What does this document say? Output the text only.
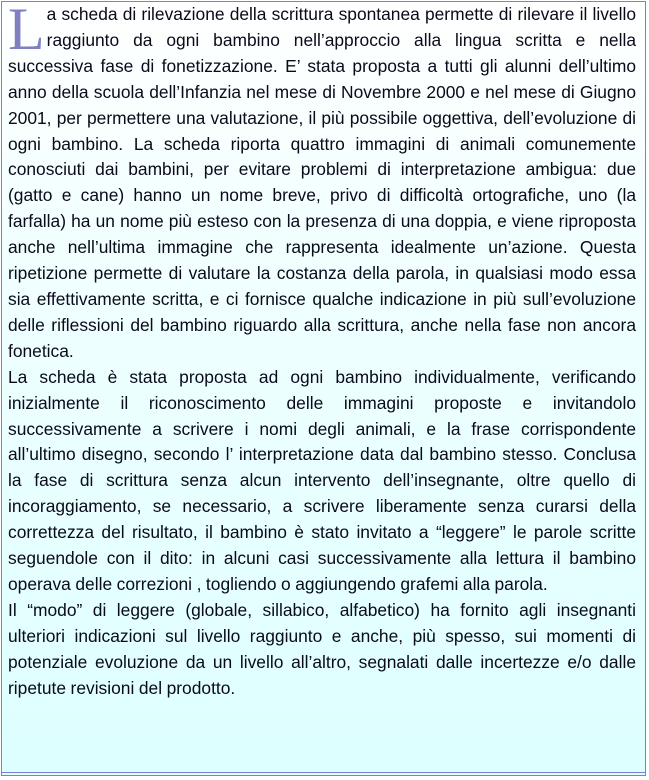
La scheda di rilevazione della scrittura spontanea permette di rilevare il livello raggiunto da ogni bambino nell’approccio alla lingua scritta e nella successiva fase di fonetizzazione. E’ stata proposta a tutti gli alunni dell’ultimo anno della scuola dell’Infanzia nel mese di Novembre 2000 e nel mese di Giugno 2001, per permettere una valutazione, il più possibile oggettiva, dell’evoluzione di ogni bambino. La scheda riporta quattro immagini di animali comunemente conosciuti dai bambini, per evitare problemi di interpretazione ambigua: due (gatto e cane) hanno un nome breve, privo di difficoltà ortografiche, uno (la farfalla) ha un nome più esteso con la presenza di una doppia, e viene riproposta anche nell’ultima immagine che rappresenta idealmente un’azione. Questa ripetizione permette di valutare la costanza della parola, in qualsiasi modo essa sia effettivamente scritta, e ci fornisce qualche indicazione in più sull’evoluzione delle riflessioni del bambino riguardo alla scrittura, anche nella fase non ancora fonetica.

La scheda è stata proposta ad ogni bambino individualmente, verificando inizialmente il riconoscimento delle immagini proposte e invitandolo successivamente a scrivere i nomi degli animali, e la frase corrispondente all’ultimo disegno, secondo l’ interpretazione data dal bambino stesso. Conclusa la fase di scrittura senza alcun intervento dell’insegnante, oltre quello di incoraggiamento, se necessario, a scrivere liberamente senza curarsi della correttezza del risultato, il bambino è stato invitato a “leggere” le parole scritte seguendole con il dito: in alcuni casi successivamente alla lettura il bambino operava delle correzioni , togliendo o aggiungendo grafemi alla parola.

Il “modo” di leggere (globale, sillabico, alfabetico) ha fornito agli insegnanti ulteriori indicazioni sul livello raggiunto e anche, più spesso, sui momenti di potenziale evoluzione da un livello all’altro, segnalati dalle incertezze e/o dalle ripetute revisioni del prodotto.
